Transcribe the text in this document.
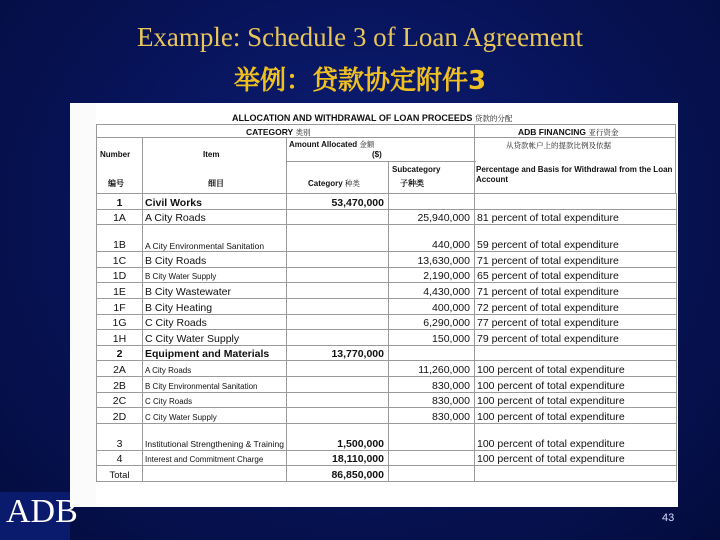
Example: Schedule 3 of Loan Agreement
举例：贷款协定附件3
ALLOCATION AND WITHDRAWAL OF LOAN PROCEEDS 贷款的分配
CATEGORY 类别	ADB FINANCING 亚行资金
从贷款帐户上的提款比例及依据
Number	Item
Amount Allocated 金额
($)
Subcategory	Percentage and Basis for Withdrawal from the Loan Account
编号	细目	Category 种类	子种类
1	Civil Works	53,470,000		
1A	A City Roads		25,940,000	81 percent of total expenditure
1B	A City Environmental Sanitation		440,000	59 percent of total expenditure
1C	B City Roads		13,630,000	71 percent of total expenditure
1D	B City Water Supply		2,190,000	65 percent of total expenditure
1E	B City Wastewater		4,430,000	71 percent of total expenditure
1F	B City Heating		400,000	72 percent of total expenditure
1G	C City Roads		6,290,000	77 percent of total expenditure
1H	C City Water Supply		150,000	79 percent of total expenditure
2	Equipment and Materials	13,770,000		
2A	A City Roads		11,260,000	100 percent of total expenditure
2B	B City Environmental Sanitation		830,000	100 percent of total expenditure
2C	C City Roads		830,000	100 percent of total expenditure
2D	C City Water Supply		830,000	100 percent of total expenditure
3	Institutional Strengthening & Training	1,500,000		100 percent of total expenditure
4	Interest and Commitment Charge	18,110,000		100 percent of total expenditure
Total		86,850,000		
ADB	43
